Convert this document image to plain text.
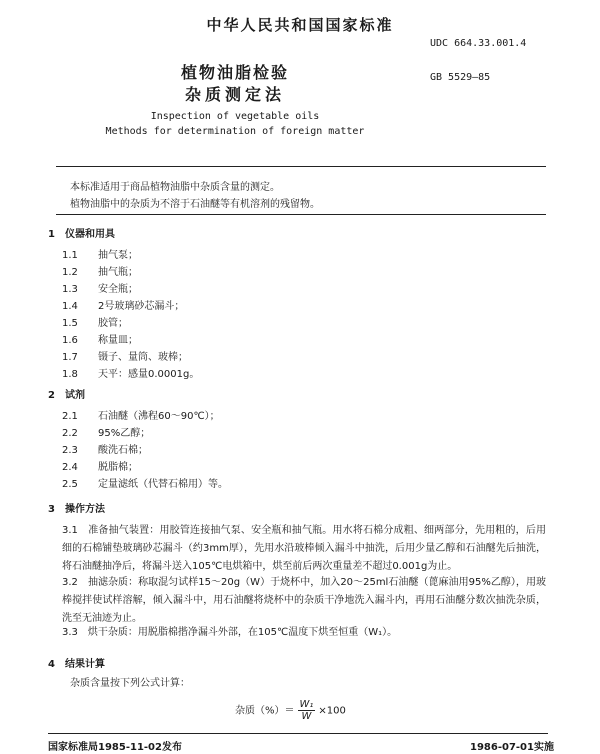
中华人民共和国国家标准
UDC 664.33.001.4
GB 5529—85
植物油脂检验
杂质测定法
Inspection of vegetable oils
Methods for determination of foreign matter
本标准适用于商品植物油脂中杂质含量的测定。
植物油脂中的杂质为不溶于石油醚等有机溶剂的残留物。
1　仪器和用具
1.1 抽气泵；
1.2 抽气瓶；
1.3 安全瓶；
1.4 2号玻璃砂芯漏斗；
1.5 胶管；
1.6 称量皿；
1.7 镊子、量筒、玻棒；
1.8 天平：感量0.0001g。
2　试剂
2.1 石油醚（沸程60～90℃）；
2.2 95%乙醇；
2.3 酸洗石棉；
2.4 脱脂棉；
2.5 定量滤纸（代替石棉用）等。
3　操作方法
3.1　准备抽气装置：用胶管连接抽气泵、安全瓶和抽气瓶。用水将石棉分成粗、细两部分，先用粗的，后用细的石棉铺垫玻璃砂芯漏斗（约3mm厚），先用水沿玻棒倾入漏斗中抽洗，后用少量乙醇和石油醚先后抽洗，将石油醚抽净后，将漏斗送入105℃电烘箱中，烘至前后两次重量差不超过0.001g为止。
3.2　抽滤杂质：称取混匀试样15～20g（W）于烧杯中，加入20～25ml石油醚（蓖麻油用95%乙醇），用玻棒搅拌使试样溶解，倾入漏斗中，用石油醚将烧杯中的杂质干净地洗入漏斗内，再用石油醚分数次抽洗杂质，洗至无油迹为止。
3.3　烘干杂质：用脱脂棉揩净漏斗外部，在105℃温度下烘至恒重（W₁）。
4　结果计算
杂质含量按下列公式计算：
杂质（%）＝ $\frac{\text{W₁}}{W} \times 100$
国家标准局1985-11-02发布	1986-07-01实施
